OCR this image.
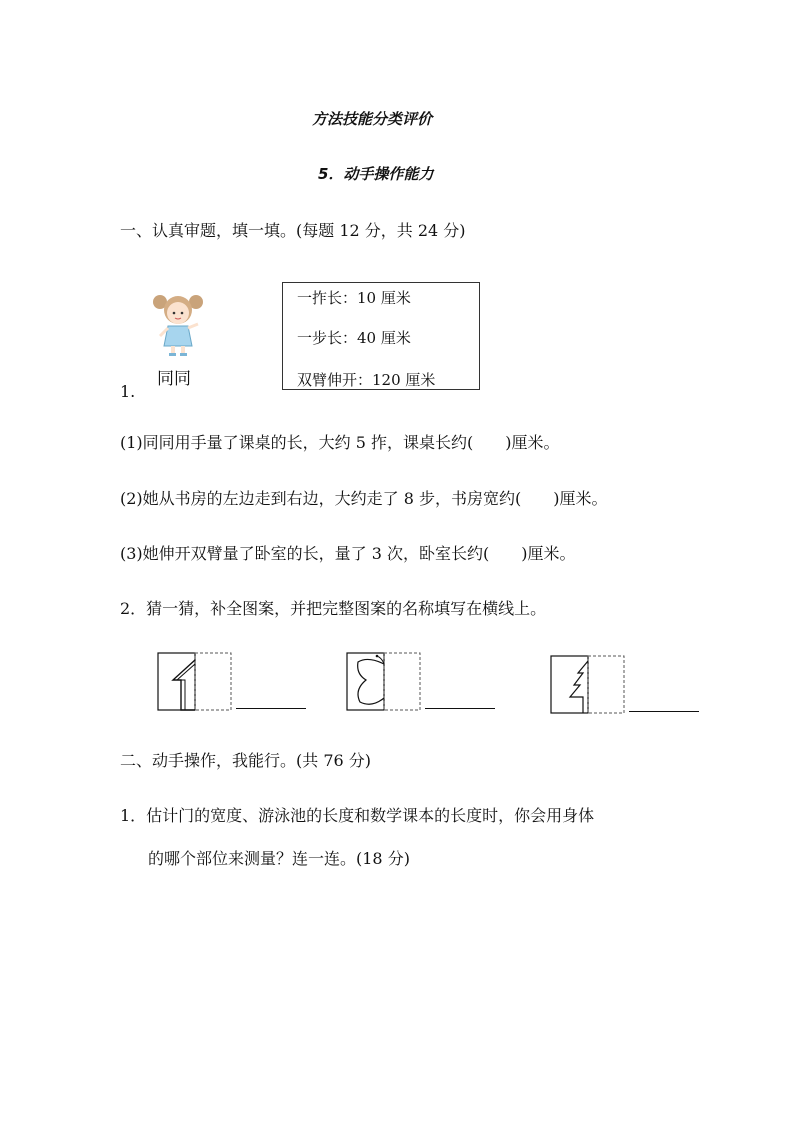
方法技能分类评价
5．动手操作能力
一、认真审题，填一填。(每题 12 分，共 24 分)
同同
1.
一拃长：10 厘米
一步长：40 厘米
双臂伸开：120 厘米
(1)同同用手量了课桌的长，大约 5 拃，课桌长约(　　)厘米。
(2)她从书房的左边走到右边，大约走了 8 步，书房宽约(　　)厘米。
(3)她伸开双臂量了卧室的长，量了 3 次，卧室长约(　　)厘米。
2．猜一猜，补全图案，并把完整图案的名称填写在横线上。
二、动手操作，我能行。(共 76 分)
1．估计门的宽度、游泳池的长度和数学课本的长度时，你会用身体
的哪个部位来测量？连一连。(18 分)
